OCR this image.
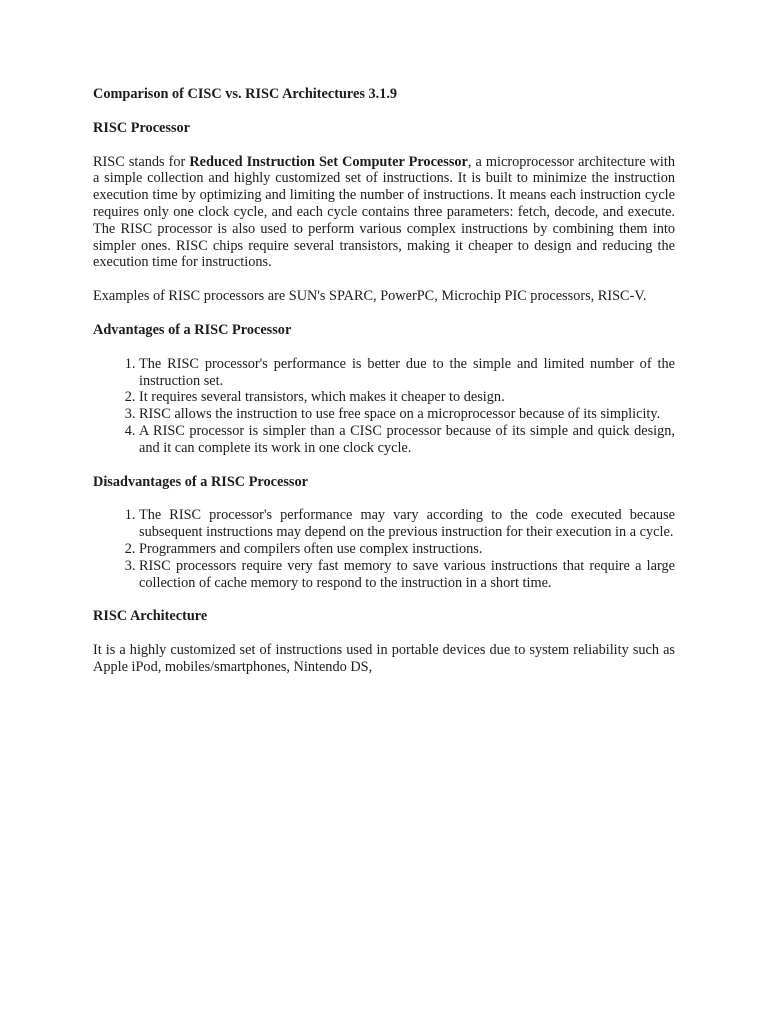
Comparison of CISC vs. RISC Architectures 3.1.9
RISC Processor

RISC stands for Reduced Instruction Set Computer Processor, a microprocessor architecture with a simple collection and highly customized set of instructions. It is built to minimize the instruction execution time by optimizing and limiting the number of instructions. It means each instruction cycle requires only one clock cycle, and each cycle contains three parameters: fetch, decode, and execute. The RISC processor is also used to perform various complex instructions by combining them into simpler ones. RISC chips require several transistors, making it cheaper to design and reducing the execution time for instructions.

Examples of RISC processors are SUN's SPARC, PowerPC, Microchip PIC processors, RISC-V.

Advantages of a RISC Processor
1. The RISC processor's performance is better due to the simple and limited number of the instruction set.
2. It requires several transistors, which makes it cheaper to design.
3. RISC allows the instruction to use free space on a microprocessor because of its simplicity.
4. A RISC processor is simpler than a CISC processor because of its simple and quick design, and it can complete its work in one clock cycle.
Disadvantages of a RISC Processor
1. The RISC processor's performance may vary according to the code executed because subsequent instructions may depend on the previous instruction for their execution in a cycle.
2. Programmers and compilers often use complex instructions.
3. RISC processors require very fast memory to save various instructions that require a large collection of cache memory to respond to the instruction in a short time.
RISC Architecture

It is a highly customized set of instructions used in portable devices due to system reliability such as Apple iPod, mobiles/smartphones, Nintendo DS,
